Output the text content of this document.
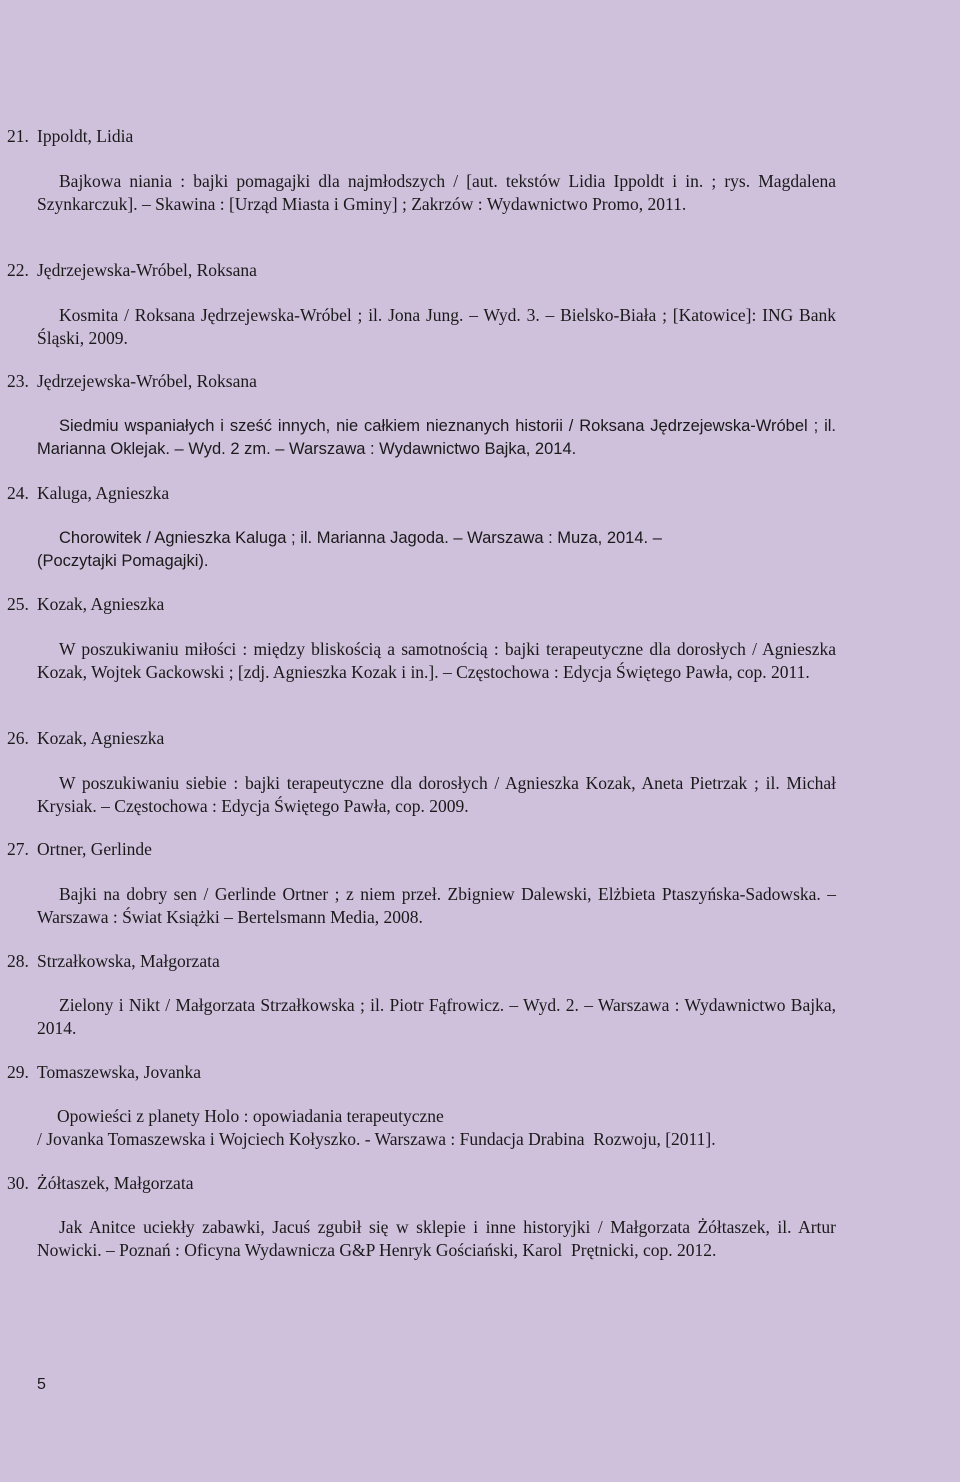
21. Ippoldt, Lidia
Bajkowa niania : bajki pomagajki dla najmłodszych / [aut. tekstów Lidia Ippoldt i in. ; rys. Magdalena Szynkarczuk]. – Skawina : [Urząd Miasta i Gminy] ; Zakrzów : Wydawnictwo Promo, 2011.
22. Jędrzejewska-Wróbel, Roksana
Kosmita / Roksana Jędrzejewska-Wróbel ; il. Jona Jung. – Wyd. 3. – Bielsko-Biała ; [Katowice]: ING Bank Śląski, 2009.
23. Jędrzejewska-Wróbel, Roksana
Siedmiu wspaniałych i sześć innych, nie całkiem nieznanych historii / Roksana Jędrzejewska-Wróbel ; il. Marianna Oklejak. – Wyd. 2 zm. – Warszawa : Wydawnictwo Bajka, 2014.
24. Kaluga, Agnieszka
Chorowitek / Agnieszka Kaluga ; il. Marianna Jagoda. – Warszawa : Muza, 2014. – (Poczytajki Pomagajki).
25. Kozak, Agnieszka
W poszukiwaniu miłości : między bliskością a samotnością : bajki terapeutyczne dla dorosłych / Agnieszka Kozak, Wojtek Gackowski ; [zdj. Agnieszka Kozak i in.]. – Częstochowa : Edycja Świętego Pawła, cop. 2011.
26. Kozak, Agnieszka
W poszukiwaniu siebie : bajki terapeutyczne dla dorosłych / Agnieszka Kozak, Aneta Pietrzak ; il. Michał Krysiak. – Częstochowa : Edycja Świętego Pawła, cop. 2009.
27. Ortner, Gerlinde
Bajki na dobry sen / Gerlinde Ortner ; z niem przeł. Zbigniew Dalewski, Elżbieta Ptaszyńska-Sadowska. – Warszawa : Świat Książki – Bertelsmann Media, 2008.
28. Strzałkowska, Małgorzata
Zielony i Nikt / Małgorzata Strzałkowska ; il. Piotr Fąfrowicz. – Wyd. 2. – Warszawa : Wydawnictwo Bajka, 2014.
29. Tomaszewska, Jovanka
Opowieści z planety Holo : opowiadania terapeutyczne
/ Jovanka Tomaszewska i Wojciech Kołyszko. - Warszawa : Fundacja Drabina  Rozwoju, [2011].
30. Żółtaszek, Małgorzata
Jak Anitce uciekły zabawki, Jacuś zgubił się w sklepie i inne historyjki / Małgorzata Żółtaszek, il. Artur Nowicki. – Poznań : Oficyna Wydawnicza G&P Henryk Gościański, Karol  Prętnicki, cop. 2012.
5
